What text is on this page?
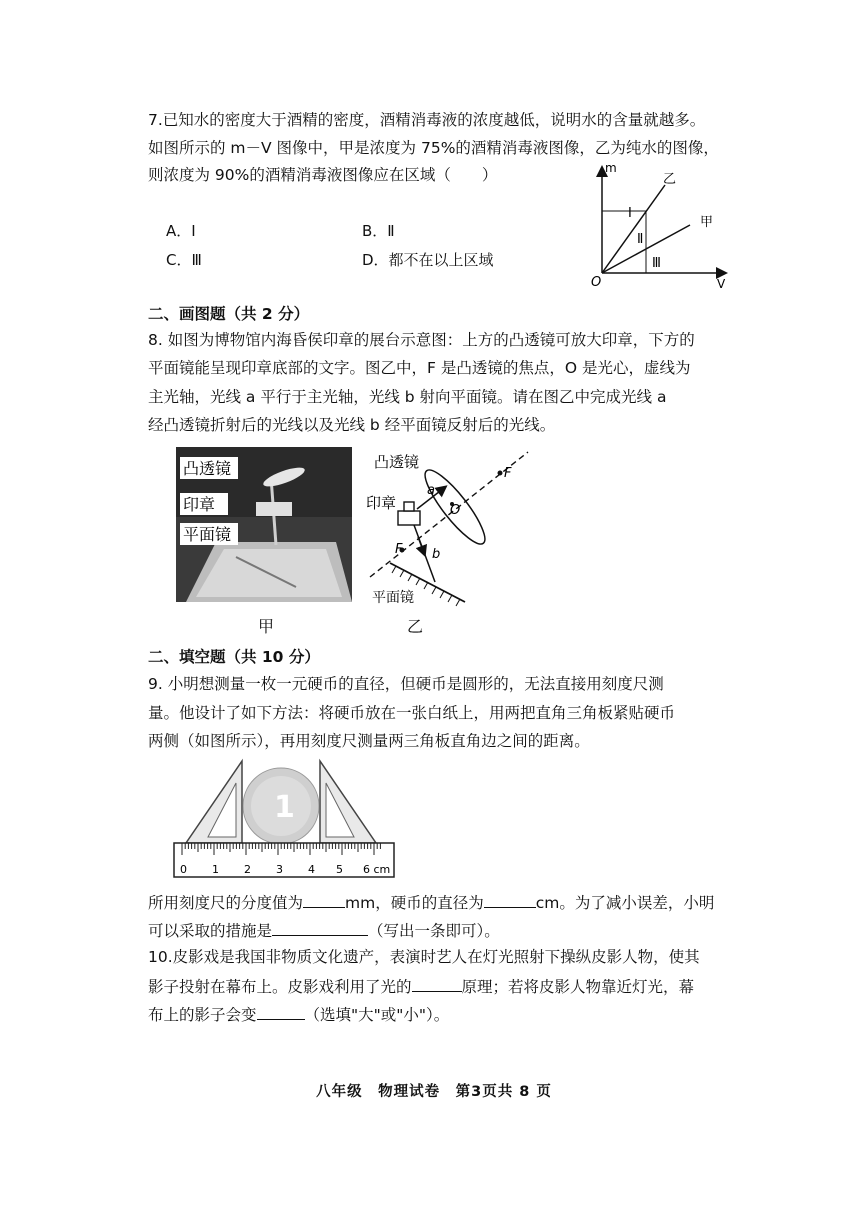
7.已知水的密度大于酒精的密度，酒精消毒液的浓度越低，说明水的含量就越多。
如图所示的 m－V 图像中，甲是浓度为 75%的酒精消毒液图像，乙为纯水的图像，
则浓度为 90%的酒精消毒液图像应在区域（　　）
A．Ⅰ	B．Ⅱ
C．Ⅲ	D．都不在以上区域
m
V
O
乙
甲
Ⅰ
Ⅱ
Ⅲ
二、画图题（共 2 分）
8. 如图为博物馆内海昏侯印章的展台示意图：上方的凸透镜可放大印章，下方的
平面镜能呈现印章底部的文字。图乙中，F 是凸透镜的焦点，O 是光心，虚线为
主光轴，光线 a 平行于主光轴，光线 b 射向平面镜。请在图乙中完成光线 a
经凸透镜折射后的光线以及光线 b 经平面镜反射后的光线。
凸透镜
印章
平面镜
凸透镜
印章
平面镜
F
F
O
a
b
甲	乙
二、填空题（共 10 分）
9. 小明想测量一枚一元硬币的直径，但硬币是圆形的，无法直接用刻度尺测
量。他设计了如下方法：将硬币放在一张白纸上，用两把直角三角板紧贴硬币
两侧（如图所示），再用刻度尺测量两三角板直角边之间的距离。
1
0 1 2 3 4 5 6 cm
所用刻度尺的分度值为	mm，硬币的直径为	cm。为了减小误差，小明
可以采取的措施是	（写出一条即可）。
10.皮影戏是我国非物质文化遗产，表演时艺人在灯光照射下操纵皮影人物，使其
影子投射在幕布上。皮影戏利用了光的	原理；若将皮影人物靠近灯光，幕
布上的影子会变	（选填"大"或"小"）。
八年级　物理试卷　第3页共 8 页
